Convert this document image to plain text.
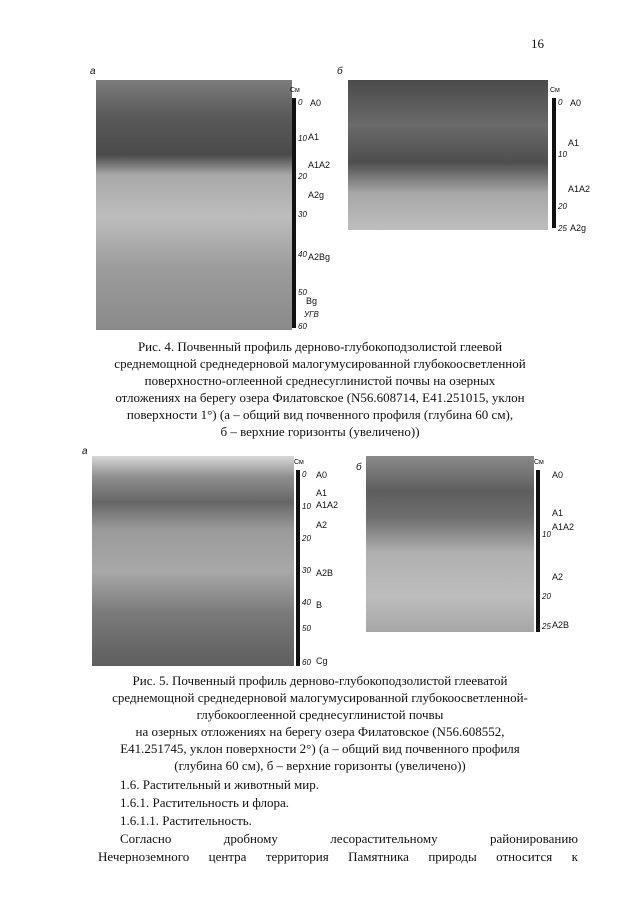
16
а
См
0
10
20
30
40
50
60
A0
A1
A1A2
A2g
A2Bg
Bg
УГВ
б
См
0
10
20
25
A0
A1
A1A2
A2g

Рис. 4. Почвенный профиль дерново-глубокоподзолистой глеевой

среднемощной среднедерновой малогумусированной глубокоосветленной

поверхностно-оглеенной среднесуглинистой почвы на озерных

отложениях на берегу озера Филатовское (N56.608714, E41.251015, уклон

поверхности 1°) (а – общий вид почвенного профиля (глубина 60 см),

б – верхние горизонты (увеличено))

а
См
0
10
20
30
40
50
60
A0
A1
A1A2
A2
A2B
B
Cg
б	См
10
20
25
A0
A1
A1A2
A2
A2B

Рис. 5. Почвенный профиль дерново-глубокоподзолистой глееватой

среднемощной среднедерновой малогумусированной глубокоосветленной-

глубокооглеенной среднесуглинистой почвы

на озерных отложениях на берегу озера Филатовское (N56.608552,

E41.251745, уклон поверхности 2°) (а – общий вид почвенного профиля

(глубина 60 см), б – верхние горизонты (увеличено))

1.6. Растительный и животный мир.
1.6.1. Растительность и флора.
1.6.1.1. Растительность.
Согласно дробному лесорастительному районированию
Нечерноземного центра территория Памятника природы относится к
